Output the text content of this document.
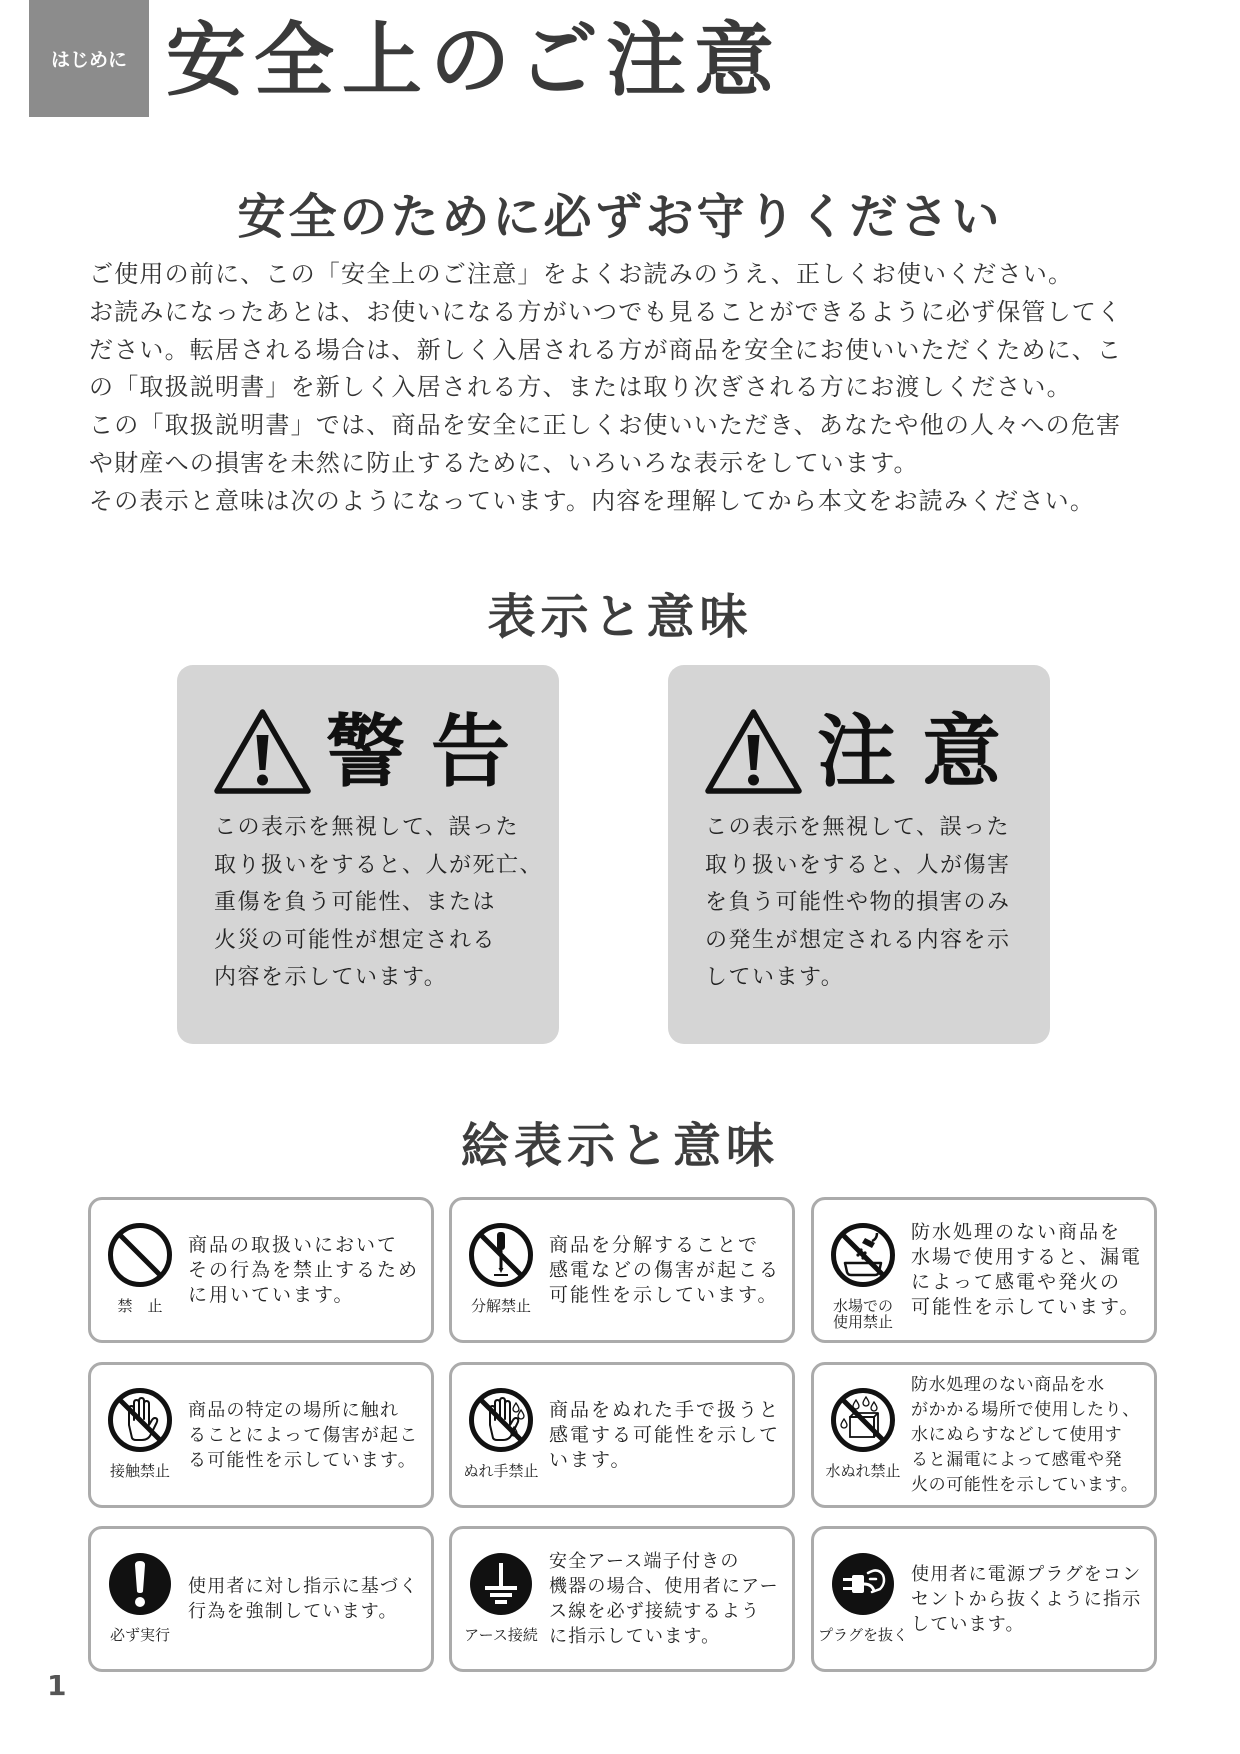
はじめに 安全上のご注意
安全のために必ずお守りください
ご使用の前に、この「安全上のご注意」をよくお読みのうえ、正しくお使いください。
お読みになったあとは、お使いになる方がいつでも見ることができるように必ず保管してく
ださい。転居される場合は、新しく入居される方が商品を安全にお使いいただくために、こ
の「取扱説明書」を新しく入居される方、または取り次ぎされる方にお渡しください。
この「取扱説明書」では、商品を安全に正しくお使いいただき、あなたや他の人々への危害
や財産への損害を未然に防止するために、いろいろな表示をしています。
その表示と意味は次のようになっています。内容を理解してから本文をお読みください。
表示と意味
警告
この表示を無視して、誤った
取り扱いをすると、人が死亡、
重傷を負う可能性、または
火災の可能性が想定される
内容を示しています。
注意
この表示を無視して、誤った
取り扱いをすると、人が傷害
を負う可能性や物的損害のみ
の発生が想定される内容を示
しています。
絵表示と意味
禁　止
商品の取扱いにおいて
その行為を禁止するため
に用いています。
分解禁止
商品を分解することで
感電などの傷害が起こる
可能性を示しています。
水場での
使用禁止
防水処理のない商品を
水場で使用すると、漏電
によって感電や発火の
可能性を示しています。
接触禁止
商品の特定の場所に触れ
ることによって傷害が起こ
る可能性を示しています。
ぬれ手禁止
商品をぬれた手で扱うと
感電する可能性を示して
います。
水ぬれ禁止
防水処理のない商品を水
がかかる場所で使用したり、
水にぬらすなどして使用す
ると漏電によって感電や発
火の可能性を示しています。
必ず実行
使用者に対し指示に基づく
行為を強制しています。
アース接続
安全アース端子付きの
機器の場合、使用者にアー
ス線を必ず接続するよう
に指示しています。	プラグを抜く
使用者に電源プラグをコン
セントから抜くように指示
しています。
1
